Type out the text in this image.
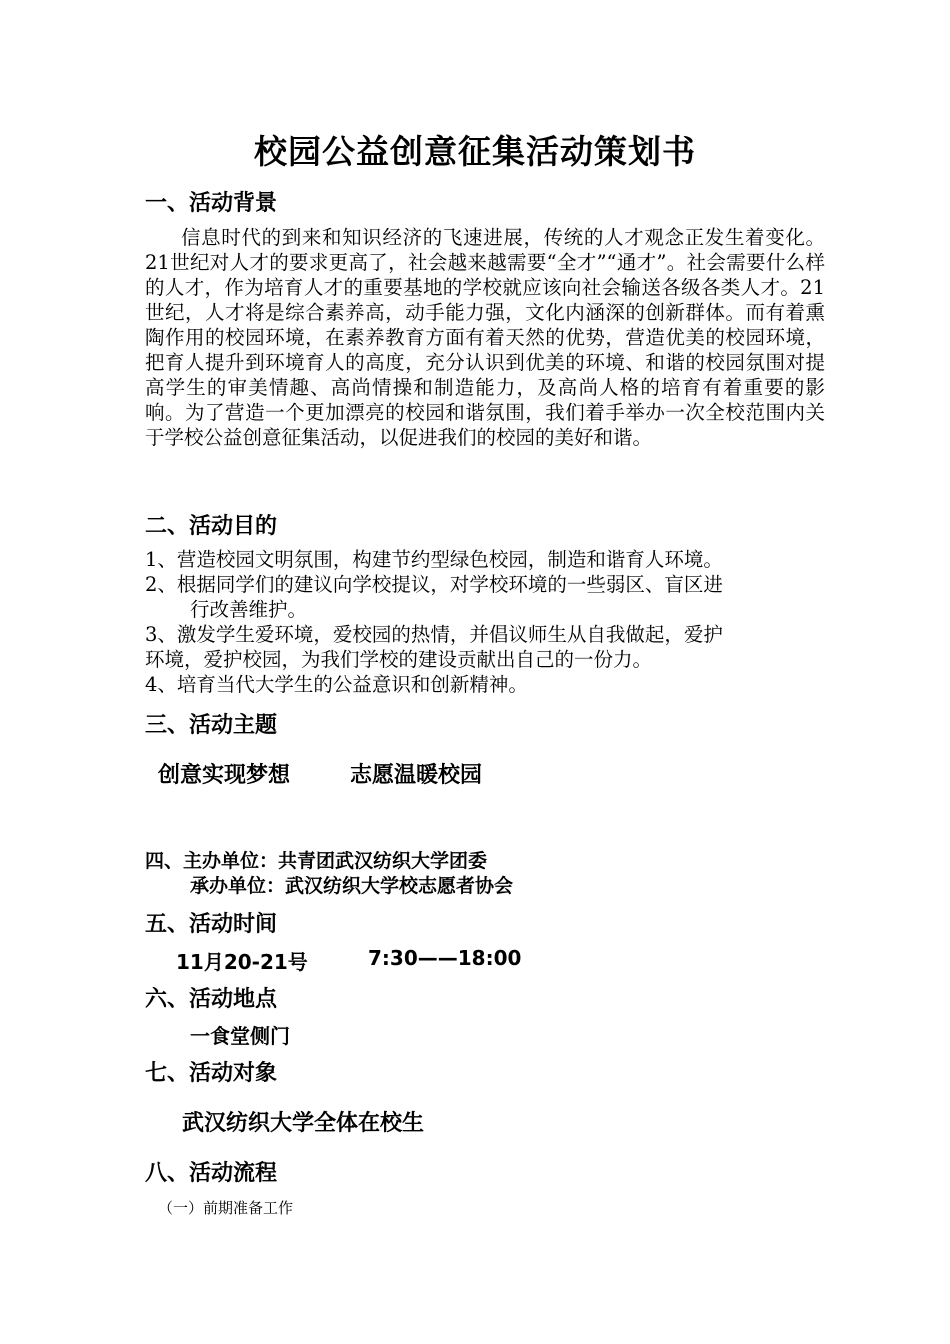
校园公益创意征集活动策划书
一、活动背景
信息时代的到来和知识经济的飞速进展，传统的人才观念正发生着变化。21世纪对人才的要求更高了，社会越来越需要“全才”“通才”。社会需要什么样的人才，作为培育人才的重要基地的学校就应该向社会输送各级各类人才。21世纪，人才将是综合素养高，动手能力强，文化内涵深的创新群体。而有着熏陶作用的校园环境，在素养教育方面有着天然的优势，营造优美的校园环境，把育人提升到环境育人的高度，充分认识到优美的环境、和谐的校园氛围对提高学生的审美情趣、高尚情操和制造能力，及高尚人格的培育有着重要的影响。为了营造一个更加漂亮的校园和谐氛围，我们着手举办一次全校范围内关于学校公益创意征集活动，以促进我们的校园的美好和谐。
二、活动目的
1、营造校园文明氛围，构建节约型绿色校园，制造和谐育人环境。
2、根据同学们的建议向学校提议，对学校环境的一些弱区、盲区进
行改善维护。
3、激发学生爱环境，爱校园的热情，并倡议师生从自我做起，爱护
环境，爱护校园，为我们学校的建设贡献出自己的一份力。
4、培育当代大学生的公益意识和创新精神。
三、活动主题
创意实现梦想	志愿温暖校园
四、主办单位：共青团武汉纺织大学团委
承办单位：武汉纺织大学校志愿者协会
五、活动时间
11月20-21号	7:30——18:00
六、活动地点
一食堂侧门
七、活动对象
武汉纺织大学全体在校生
八、活动流程
（一）前期准备工作
